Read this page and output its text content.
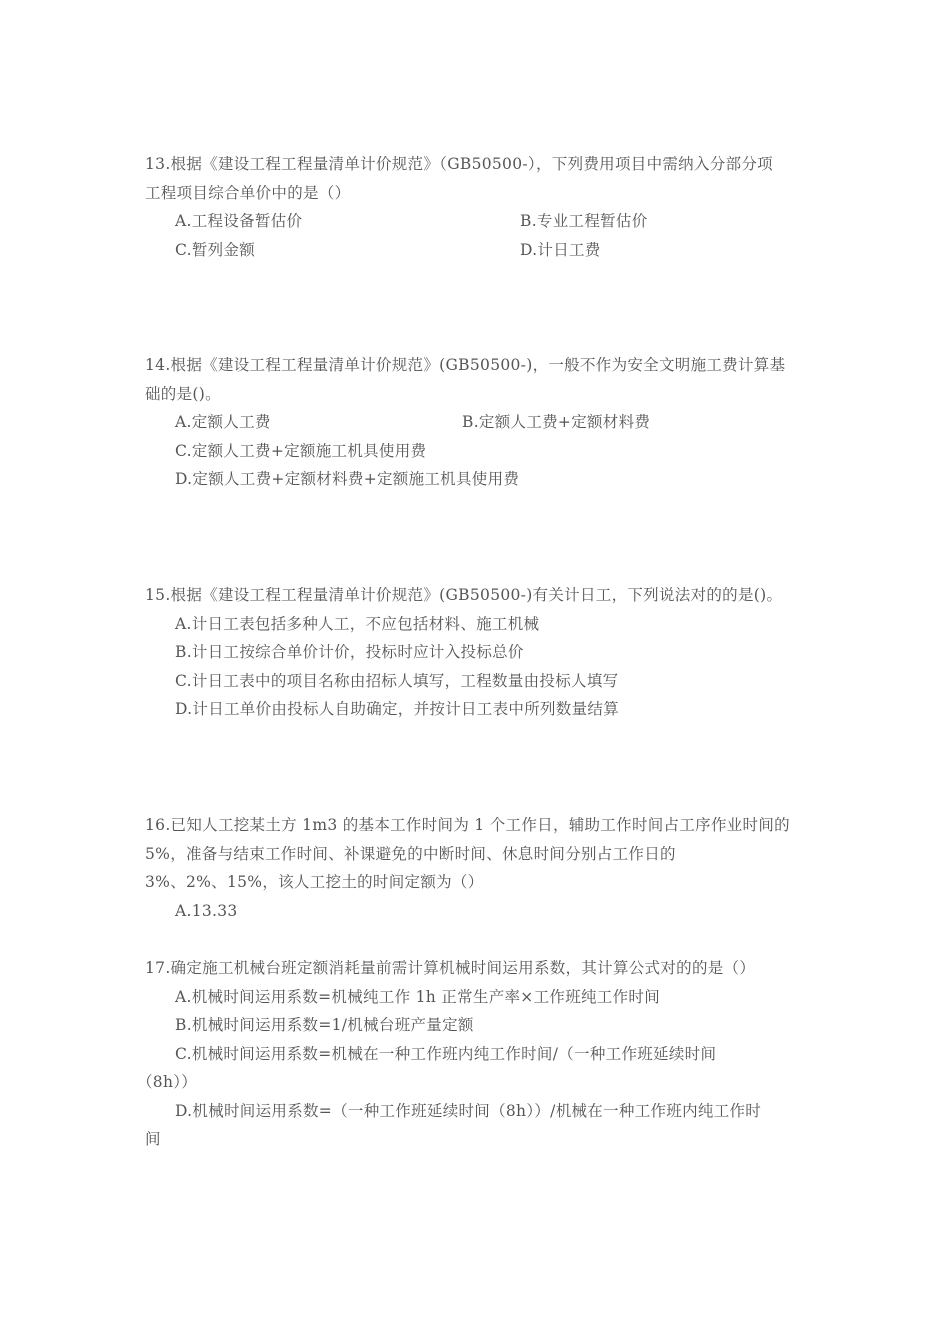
13.根据《建设工程工程量清单计价规范》（GB50500-），下列费用项目中需纳入分部分项
工程项目综合单价中的是（）
A.工程设备暂估价	B.专业工程暂估价
C.暂列金额	D.计日工费
14.根据《建设工程工程量清单计价规范》(GB50500-)，一般不作为安全文明施工费计算基
础的是()。
A.定额人工费	B.定额人工费+定额材料费
C.定额人工费+定额施工机具使用费
D.定额人工费+定额材料费+定额施工机具使用费
15.根据《建设工程工程量清单计价规范》(GB50500-)有关计日工，下列说法对的的是()。
A.计日工表包括多种人工，不应包括材料、施工机械
B.计日工按综合单价计价，投标时应计入投标总价
C.计日工表中的项目名称由招标人填写，工程数量由投标人填写
D.计日工单价由投标人自助确定，并按计日工表中所列数量结算
16.已知人工挖某土方 1m3 的基本工作时间为 1 个工作日，辅助工作时间占工序作业时间的
5%，准备与结束工作时间、补课避免的中断时间、休息时间分别占工作日的
3%、2%、15%，该人工挖土的时间定额为（）
A.13.33
17.确定施工机械台班定额消耗量前需计算机械时间运用系数，其计算公式对的的是（）
A.机械时间运用系数=机械纯工作 1h 正常生产率×工作班纯工作时间
B.机械时间运用系数=1/机械台班产量定额
C.机械时间运用系数=机械在一种工作班内纯工作时间/（一种工作班延续时间
（8h））
D.机械时间运用系数=（一种工作班延续时间（8h））/机械在一种工作班内纯工作时
间
